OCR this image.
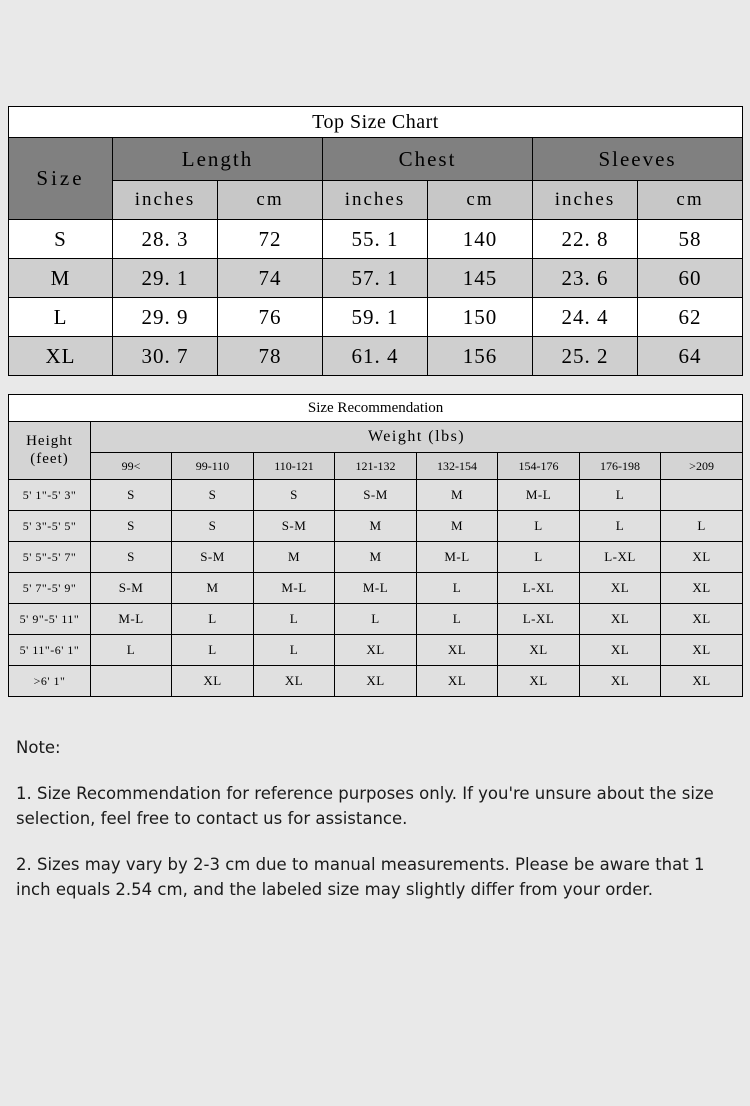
Top Size Chart						
Size	Length		Chest		Sleeves	
	inches	cm	inches	cm	inches	cm
S	28. 3	72	55. 1	140	22. 8	58
M	29. 1	74	57. 1	145	23. 6	60
L	29. 9	76	59. 1	150	24. 4	62
XL	30. 7	78	61. 4	156	25. 2	64
Size Recommendation								

Height
(feet)	Weight (lbs)							
	99<	99-110	110-121	121-132	132-154	154-176	176-198	>209
5' 1"-5' 3"	S	S	S	S-M	M	M-L	L	
5' 3"-5' 5"	S	S	S-M	M	M	L	L	L
5' 5"-5' 7"	S	S-M	M	M	M-L	L	L-XL	XL
5' 7"-5' 9"	S-M	M	M-L	M-L	L	L-XL	XL	XL
5' 9"-5' 11"	M-L	L	L	L	L	L-XL	XL	XL
5' 11"-6' 1"	L	L	L	XL	XL	XL	XL	XL
>6' 1"		XL	XL	XL	XL	XL	XL	XL

Note:

1. Size Recommendation for reference purposes only. If you're unsure about the size selection, feel free to contact us for assistance.

2. Sizes may vary by 2-3 cm due to manual measurements. Please be aware that 1 inch equals 2.54 cm, and the labeled size may slightly differ from your order.
